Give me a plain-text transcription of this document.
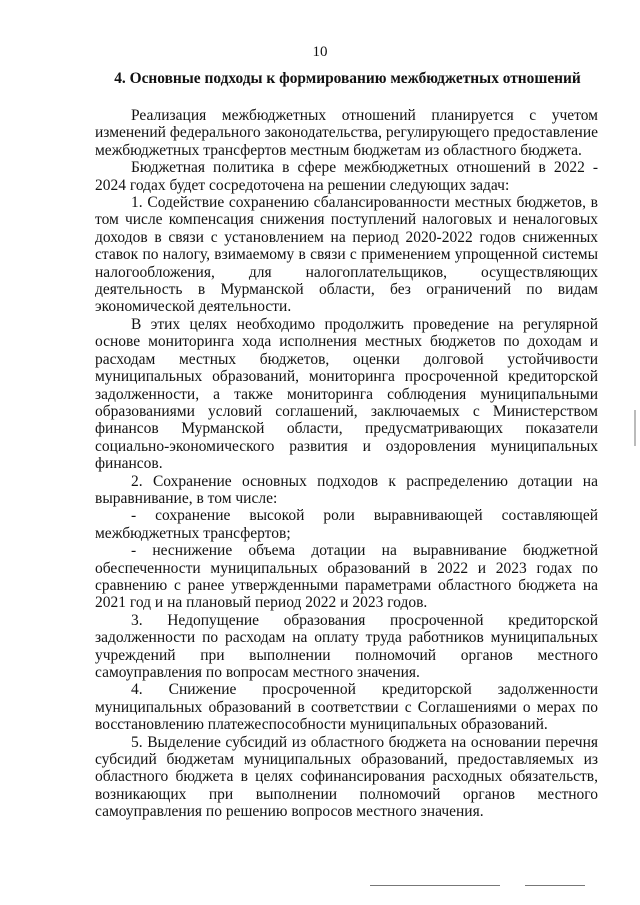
10
4. Основные подходы к формированию межбюджетных отношений

Реализация межбюджетных отношений планируется с учетом изменений федерального законодательства, регулирующего предоставление межбюджетных трансфертов местным бюджетам из областного бюджета.

Бюджетная политика в сфере межбюджетных отношений в 2022 - 2024 годах будет сосредоточена на решении следующих задач:

1. Содействие сохранению сбалансированности местных бюджетов, в том числе компенсация снижения поступлений налоговых и неналоговых доходов в связи с установлением на период 2020-2022 годов сниженных ставок по налогу, взимаемому в связи с применением упрощенной системы налогообложения, для налогоплательщиков, осуществляющих деятельность в Мурманской области, без ограничений по видам экономической деятельности.

В этих целях необходимо продолжить проведение на регулярной основе мониторинга хода исполнения местных бюджетов по доходам и расходам местных бюджетов, оценки долговой устойчивости муниципальных образований, мониторинга просроченной кредиторской задолженности, а также мониторинга соблюдения муниципальными образованиями условий соглашений, заключаемых с Министерством финансов Мурманской области, предусматривающих показатели социально-экономического развития и оздоровления муниципальных финансов.

2. Сохранение основных подходов к распределению дотации на выравнивание, в том числе:

- сохранение высокой роли выравнивающей составляющей межбюджетных трансфертов;

- неснижение объема дотации на выравнивание бюджетной обеспеченности муниципальных образований в 2022 и 2023 годах по сравнению с ранее утвержденными параметрами областного бюджета на 2021 год и на плановый период 2022 и 2023 годов.

3. Недопущение образования просроченной кредиторской задолженности по расходам на оплату труда работников муниципальных учреждений при выполнении полномочий органов местного самоуправления по вопросам местного значения.

4. Снижение просроченной кредиторской задолженности муниципальных образований в соответствии с Соглашениями о мерах по восстановлению платежеспособности муниципальных образований.

5. Выделение субсидий из областного бюджета на основании перечня субсидий бюджетам муниципальных образований, предоставляемых из областного бюджета в целях софинансирования расходных обязательств, возникающих при выполнении полномочий органов местного самоуправления по решению вопросов местного значения.
